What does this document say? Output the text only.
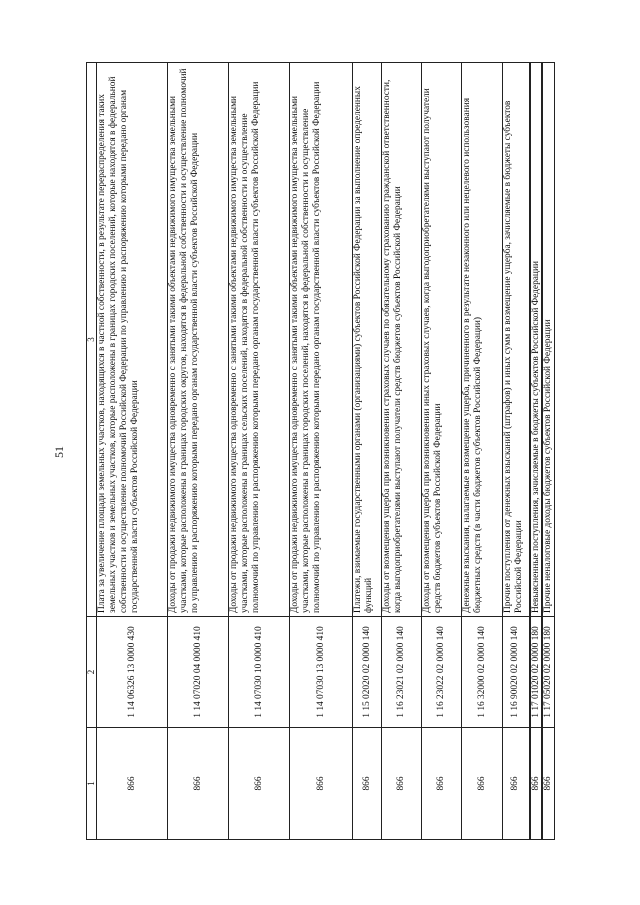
51
1	2	3
866	1 14 06326 13 0000 430	Плата за увеличение площади земельных участков, находящихся в частной собственности, в результате перераспределения таких земельных участков и земельных участков, которые расположены в границах городских поселений, которые находятся в федеральной собственности и осуществление полномочий Российской Федерации по управлению и распоряжению которыми передано органам государственной власти субъектов Российской Федерации
866	1 14 07020 04 0000 410	Доходы от продажи недвижимого имущества одновременно с занятыми такими объектами недвижимого имущества земельными участками, которые расположены в границах городских округов, находятся в федеральной собственности и осуществление полномочий по управлению и распоряжению которыми передано органам государственной власти субъектов Российской Федерации
866	1 14 07030 10 0000 410	Доходы от продажи недвижимого имущества одновременно с занятыми такими объектами недвижимого имущества земельными участками, которые расположены в границах сельских поселений, находятся в федеральной собственности и осуществление полномочий по управлению и распоряжению которыми передано органам государственной власти субъектов Российской Федерации
866	1 14 07030 13 0000 410	Доходы от продажи недвижимого имущества одновременно с занятыми такими объектами недвижимого имущества земельными участками, которые расположены в границах городских поселений, находятся в федеральной собственности и осуществление полномочий по управлению и распоряжению которыми передано органам государственной власти субъектов Российской Федерации
866	1 15 02020 02 0000 140	Платежи, взимаемые государственными органами (организациями) субъектов Российской Федерации за выполнение определенных функций
866	1 16 23021 02 0000 140	Доходы от возмещения ущерба при возникновении страховых случаев по обязательному страхованию гражданской ответственности, когда выгодоприобретателями выступают получатели средств бюджетов субъектов Российской Федерации
866	1 16 23022 02 0000 140	Доходы от возмещения ущерба при возникновении иных страховых случаев, когда выгодоприобретателями выступают получатели средств бюджетов субъектов Российской Федерации
866	1 16 32000 02 0000 140	Денежные взыскания, налагаемые в возмещение ущерба, причиненного в результате незаконного или нецелевого использования бюджетных средств (в части бюджетов субъектов Российской Федерации)
866	1 16 90020 02 0000 140	Прочие поступления от денежных взысканий (штрафов) и иных сумм в возмещение ущерба, зачисляемые в бюджеты субъектов Российской Федерации
866	1 17 01020 02 0000 180	Невыясненные поступления, зачисляемые в бюджеты субъектов Российской Федерации
866	1 17 05020 02 0000 180	Прочие неналоговые доходы бюджетов субъектов Российской Федерации
